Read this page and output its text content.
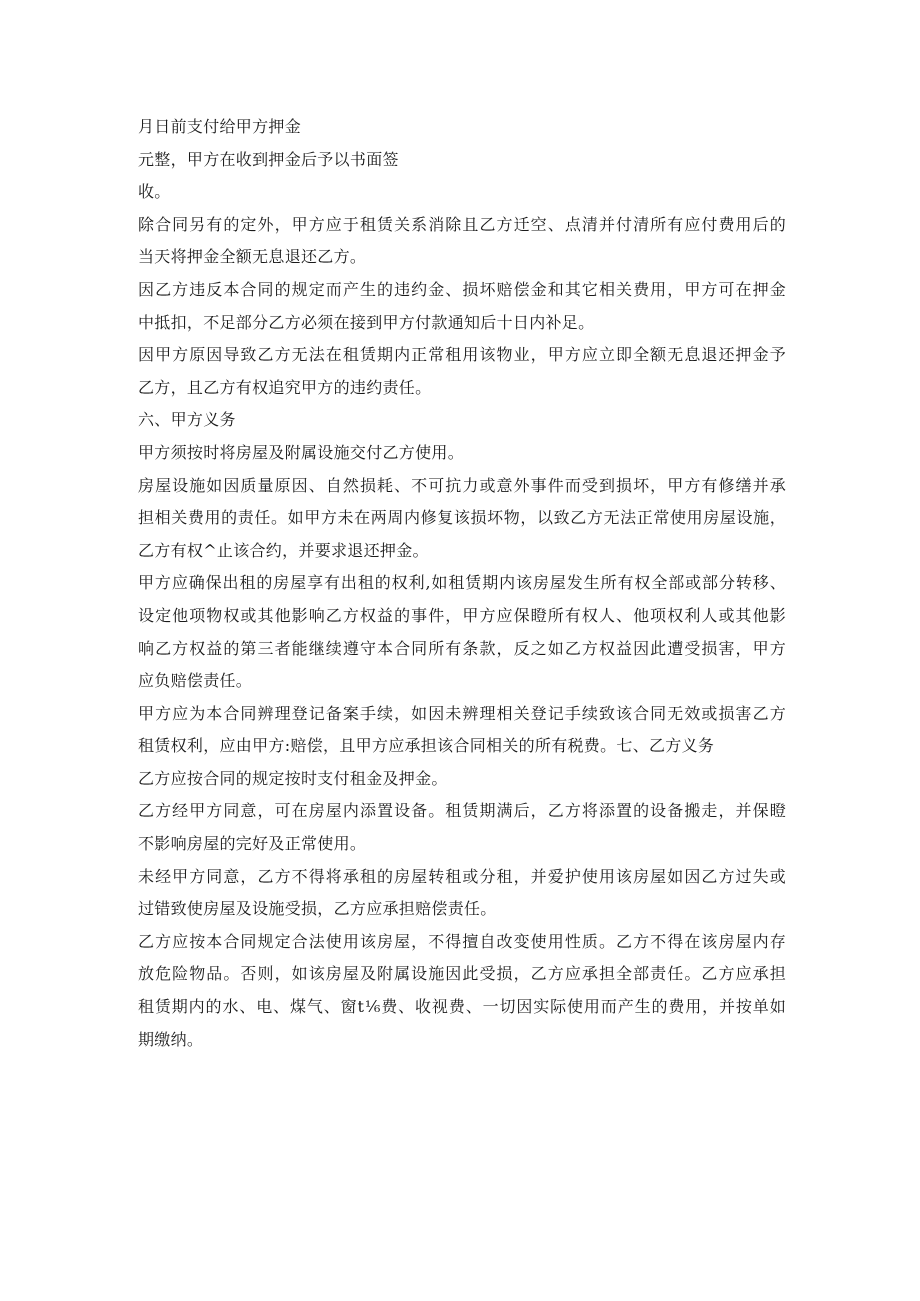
月日前支付给甲方押金
元整，甲方在收到押金后予以书面签
收。
除合同另有的定外，甲方应于租赁关系消除且乙方迁空、点清并付清所有应付费用后的
当天将押金全额无息退还乙方。
因乙方违反本合同的规定而产生的违约金、损坏赔偿金和其它相关费用，甲方可在押金
中抵扣，不足部分乙方必须在接到甲方付款通知后十日内补足。
因甲方原因导致乙方无法在租赁期内正常租用该物业，甲方应立即全额无息退还押金予
乙方，且乙方有权追究甲方的违约责任。
六、甲方义务
甲方须按时将房屋及附属设施交付乙方使用。
房屋设施如因质量原因、自然损耗、不可抗力或意外事件而受到损坏，甲方有修缮并承
担相关费用的责任。如甲方未在两周内修复该损坏物，以致乙方无法正常使用房屋设施，
乙方有权^止该合约，并要求退还押金。
甲方应确保出租的房屋享有出租的权利,如租赁期内该房屋发生所有权全部或部分转移、
设定他项物权或其他影响乙方权益的事件，甲方应保瞪所有权人、他项权利人或其他影
响乙方权益的第三者能继续遵守本合同所有条款，反之如乙方权益因此遭受损害，甲方
应负赔偿责任。
甲方应为本合同辨理登记备案手续，如因未辨理相关登记手续致该合同无效或损害乙方
租赁权利，应由甲方:赔偿，且甲方应承担该合同相关的所有税费。七、乙方义务
乙方应按合同的规定按时支付租金及押金。
乙方经甲方同意，可在房屋内添置设备。租赁期满后，乙方将添置的设备搬走，并保瞪
不影响房屋的完好及正常使用。
未经甲方同意，乙方不得将承租的房屋转租或分租，并爱护使用该房屋如因乙方过失或
过错致使房屋及设施受损，乙方应承担赔偿责任。
乙方应按本合同规定合法使用该房屋，不得擅自改变使用性质。乙方不得在该房屋内存
放危险物品。否则，如该房屋及附属设施因此受损，乙方应承担全部责任。乙方应承担
租赁期内的水、电、煤气、窗t⅙费、收视费、一切因实际使用而产生的费用，并按单如
期缴纳。
